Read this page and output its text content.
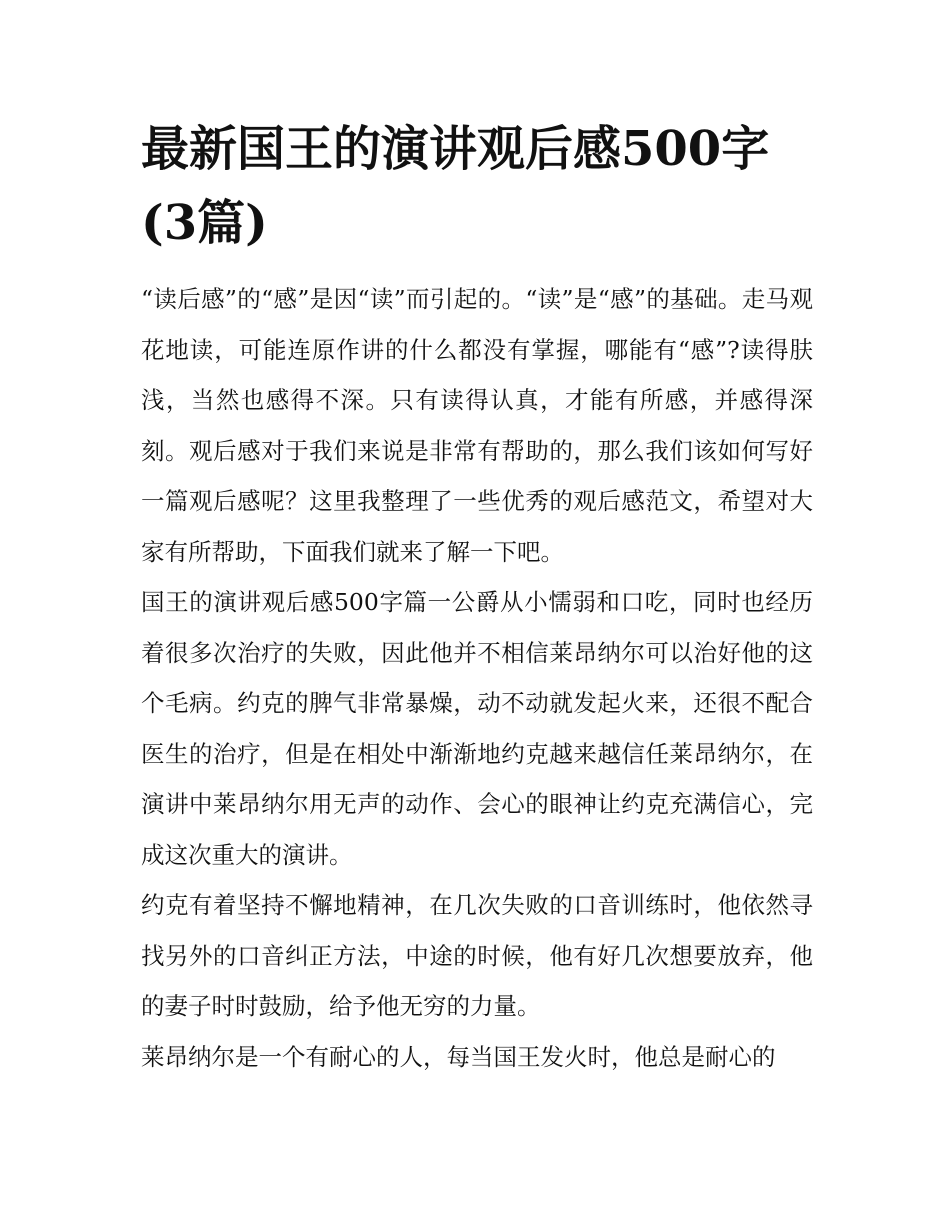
最新国王的演讲观后感500字(3篇)

“读后感”的“感”是因“读”而引起的。“读”是“感”的基础。走马观花地读，可能连原作讲的什么都没有掌握，哪能有“感”?读得肤浅，当然也感得不深。只有读得认真，才能有所感，并感得深刻。观后感对于我们来说是非常有帮助的，那么我们该如何写好一篇观后感呢？这里我整理了一些优秀的观后感范文，希望对大家有所帮助，下面我们就来了解一下吧。

国王的演讲观后感500字篇一公爵从小懦弱和口吃，同时也经历着很多次治疗的失败，因此他并不相信莱昂纳尔可以治好他的这个毛病。约克的脾气非常暴燥，动不动就发起火来，还很不配合医生的治疗，但是在相处中渐渐地约克越来越信任莱昂纳尔，在演讲中莱昂纳尔用无声的动作、会心的眼神让约克充满信心，完成这次重大的演讲。

约克有着坚持不懈地精神，在几次失败的口音训练时，他依然寻找另外的口音纠正方法，中途的时候，他有好几次想要放弃，他的妻子时时鼓励，给予他无穷的力量。

莱昂纳尔是一个有耐心的人，每当国王发火时，他总是耐心的
